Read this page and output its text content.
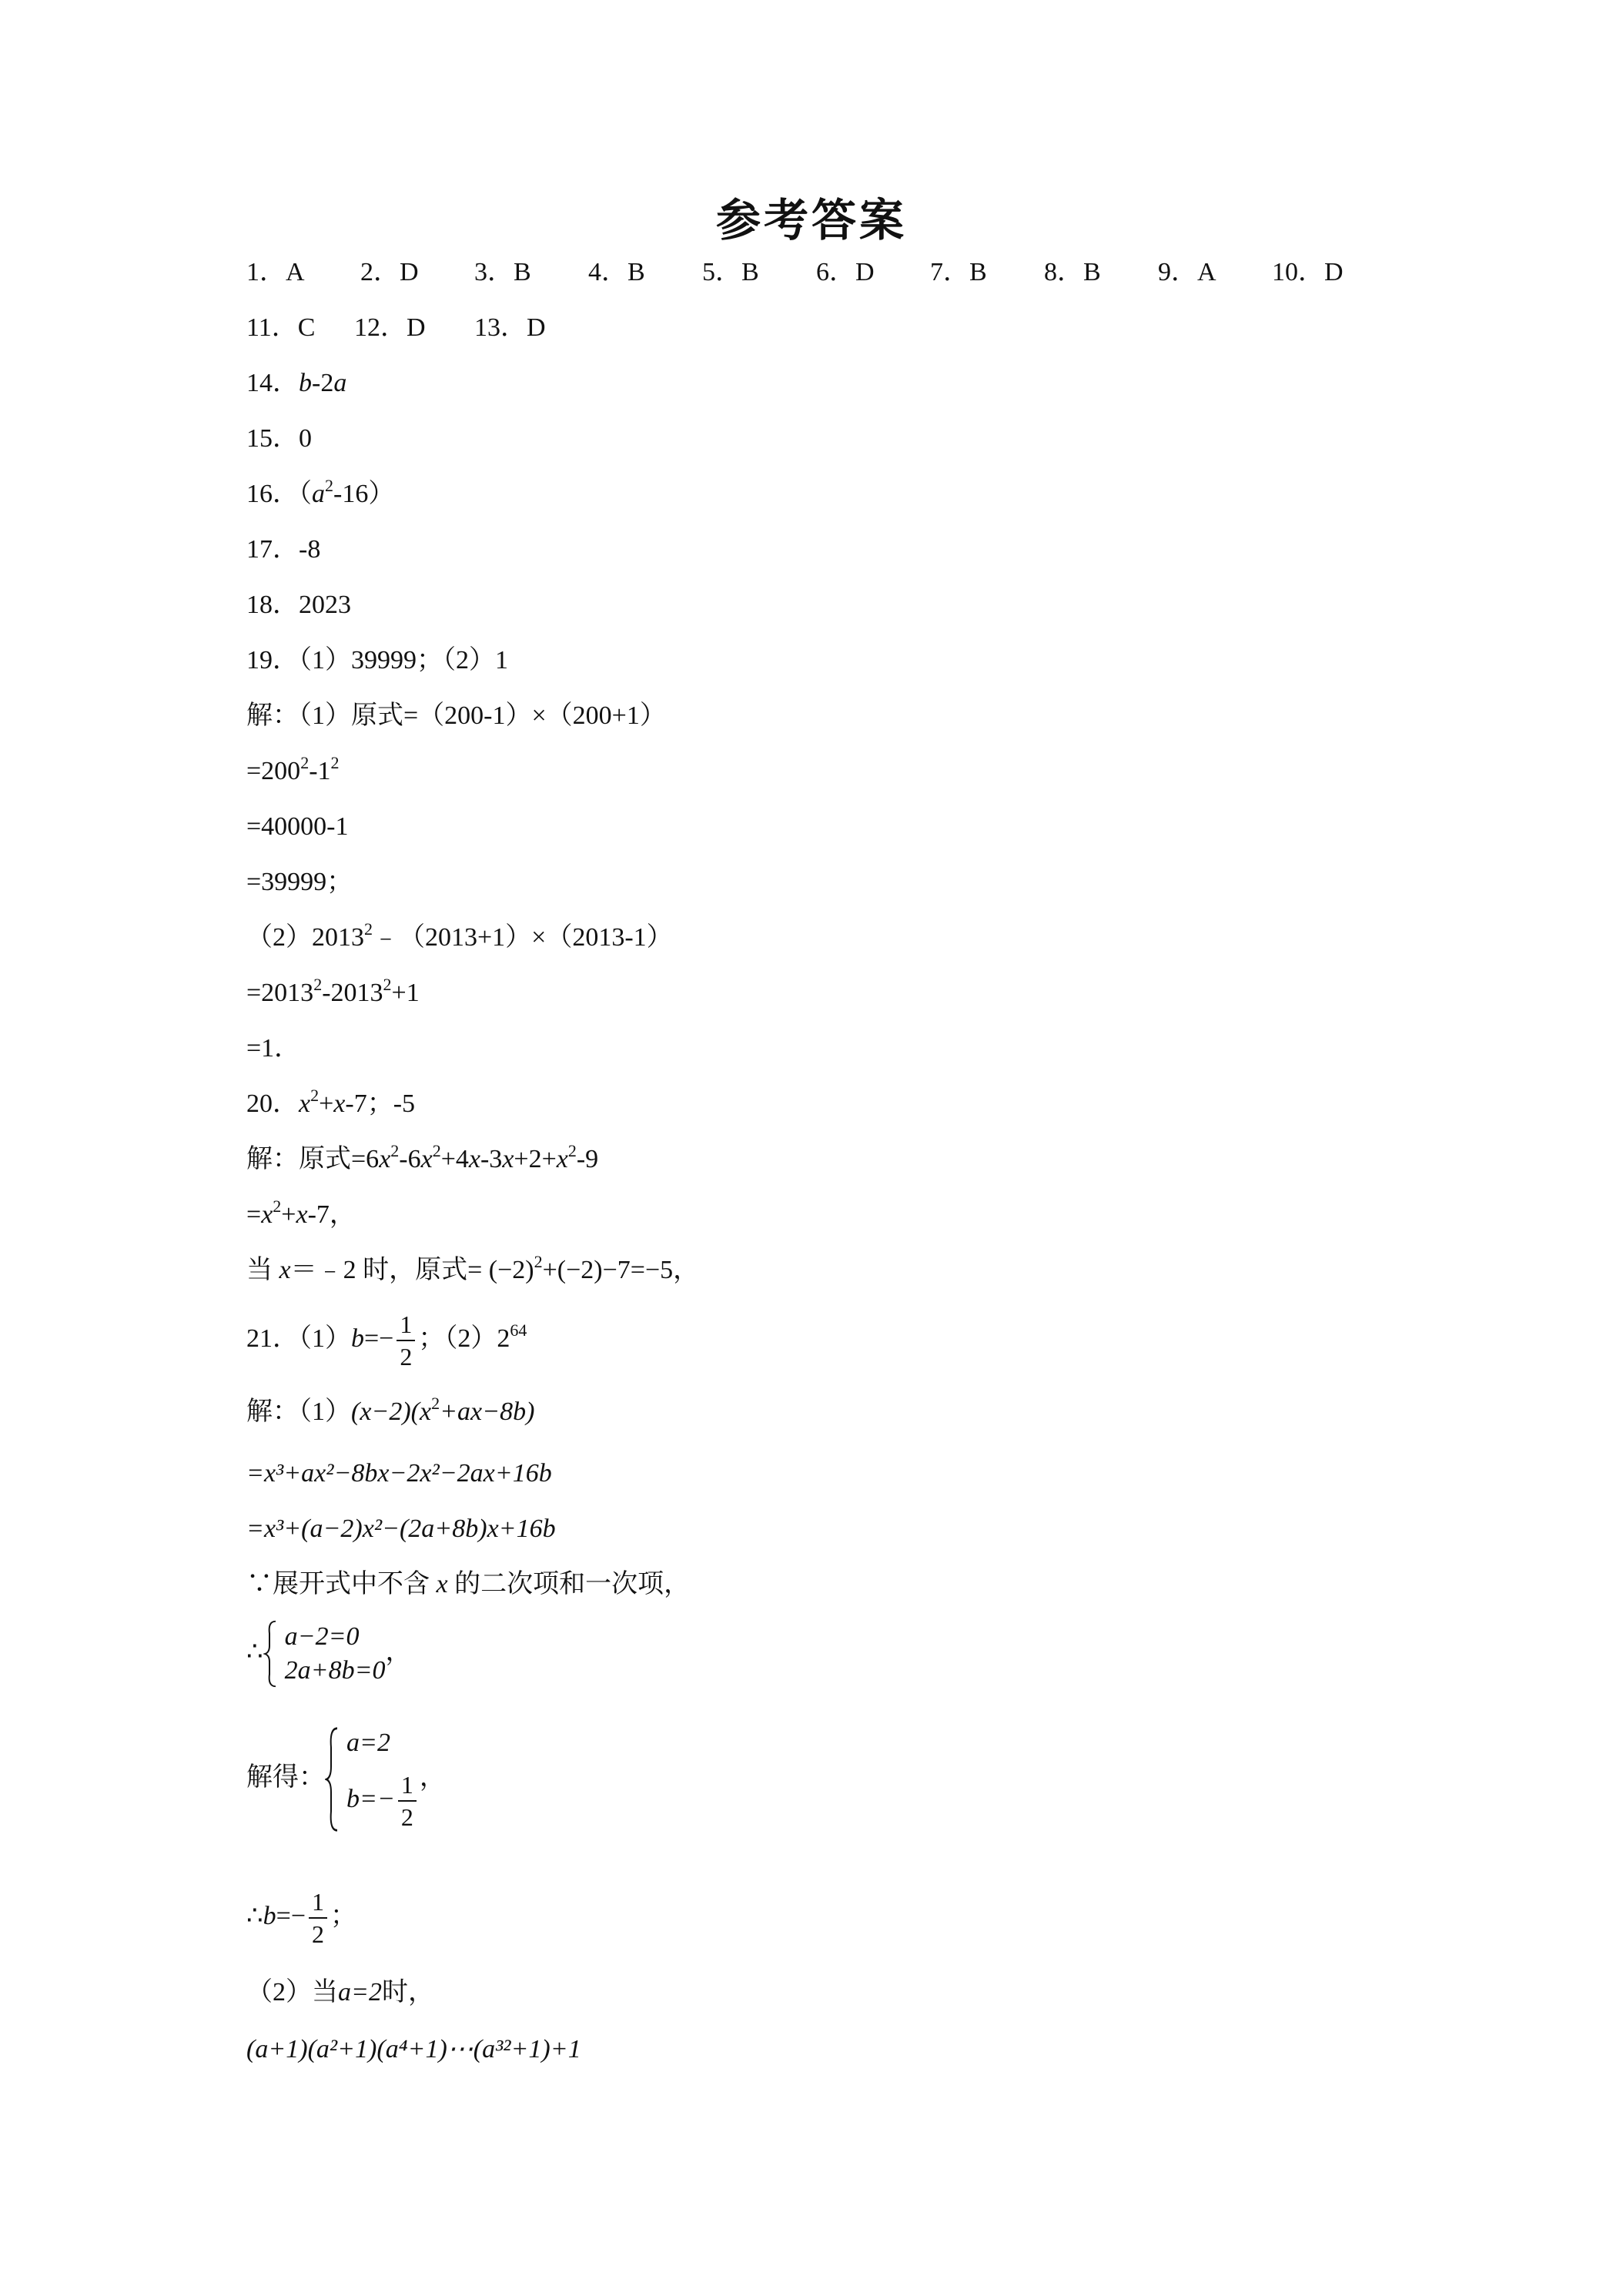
参考答案
1．A 2．D 3．B 4．B 5．B 6．D 7．B 8．B 9．A 10．D
11．C 12．D 13．D
14．b-2a
15．0
16．$(a^2-16)$
17．-8
18．2023
19．（1）39999；（2）1
解：（1）原式=（200-1）×（200+1）
$=200^2-1^2$
=40000-1
=39999；
$(2)2013^2﹣(2013+1)\times(2013-1)$
$=2013^2-2013^2+1$
=1．
20．$x^2+x-7$；-5
解：原式$=6x^2-6x^2+4x-3x+2+x^2-9$
$=x^2+x-7$，
当 x＝﹣2 时，原式= $(-2)^2+(-2)-7=-5$，
21．$(1)b=- \frac{1}{2}$ ；$(2)2^{64}$
解：$(1)(x-2)(x^2+ax-8b)$
=x³+ax²−8bx−2x²−2ax+16b
=x³+(a−2)x²−(2a+8b)x+16b
∵展开式中不含 x 的二次项和一次项，
∴
a−2=0
2a+8b=0
，
解得：
a=2
$b=- \frac{1}{2}$ ，
∴b=− $\frac{1}{2}$ ；
（2）当a=2时，
(a+1)(a²+1)(a⁴+1)⋯(a³²+1)+1
